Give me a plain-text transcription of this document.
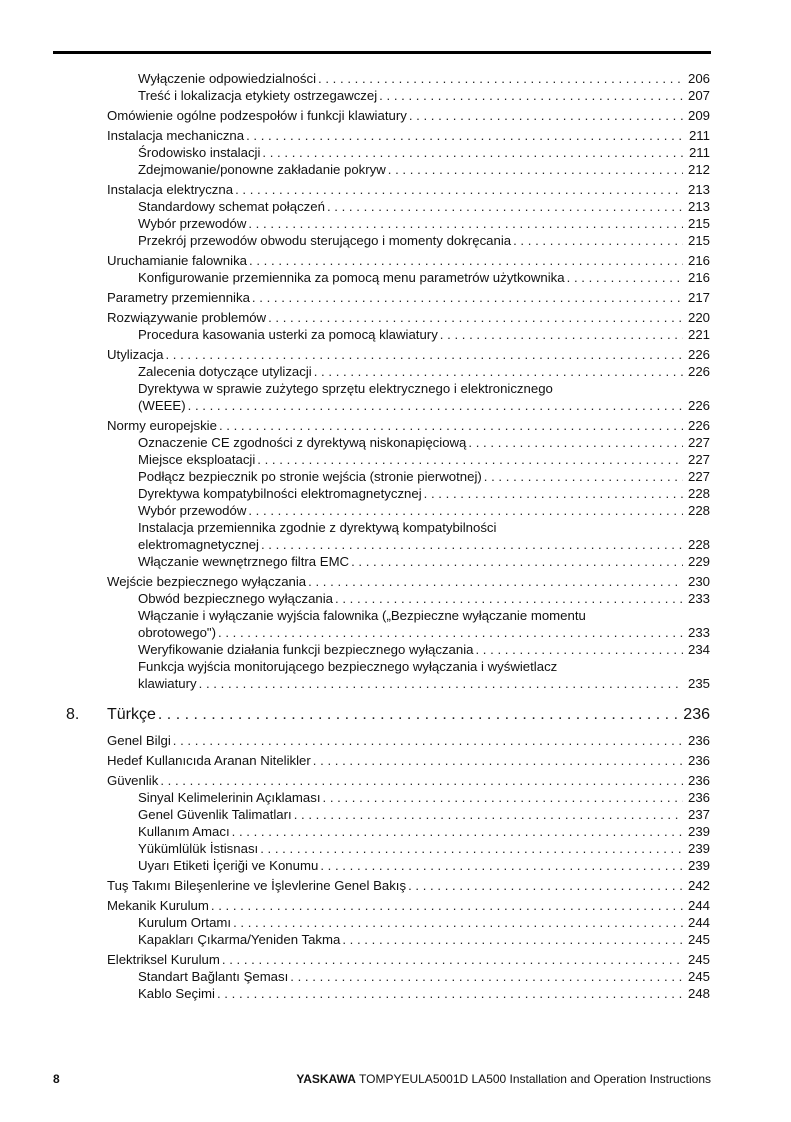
Wyłączenie odpowiedzialności . . .	206
Treść i lokalizacja etykiety ostrzegawczej . . .	207
Omówienie ogólne podzespołów i funkcji klawiatury . . .	209
Instalacja mechaniczna . . .	211
Środowisko instalacji . . .	211
Zdejmowanie/ponowne zakładanie pokryw . . .	212
Instalacja elektryczna . . .	213
Standardowy schemat połączeń . . .	213
Wybór przewodów . . .	215
Przekrój przewodów obwodu sterującego i momenty dokręcania . . .	215
Uruchamianie falownika . . .	216
Konfigurowanie przemiennika za pomocą menu parametrów użytkownika . . .	216
Parametry przemiennika . . .	217
Rozwiązywanie problemów . . .	220
Procedura kasowania usterki za pomocą klawiatury . . .	221
Utylizacja . . .	226
Zalecenia dotyczące utylizacji . . .	226
Dyrektywa w sprawie zużytego sprzętu elektrycznego i elektronicznego
(WEEE) . . .	226
Normy europejskie . . .	226
Oznaczenie CE zgodności z dyrektywą niskonapięciową . . .	227
Miejsce eksploatacji . . .	227
Podłącz bezpiecznik po stronie wejścia (stronie pierwotnej) . . .	227
Dyrektywa kompatybilności elektromagnetycznej . . .	228
Wybór przewodów . . .	228
Instalacja przemiennika zgodnie z dyrektywą kompatybilności
elektromagnetycznej . . .	228
Włączanie wewnętrznego filtra EMC . . .	229
Wejście bezpiecznego wyłączania . . .	230
Obwód bezpiecznego wyłączania . . .	233
Włączanie i wyłączanie wyjścia falownika („Bezpieczne wyłączanie momentu
obrotowego") . . .	233
Weryfikowanie działania funkcji bezpiecznego wyłączania . . .	234
Funkcja wyjścia monitorującego bezpiecznego wyłączania i wyświetlacz
klawiatury . . .	235
8. Türkçe . . .	236
Genel Bilgi . . .	236
Hedef Kullanıcıda Aranan Nitelikler . . .	236
Güvenlik . . .	236
Sinyal Kelimelerinin Açıklaması . . .	236
Genel Güvenlik Talimatları . . .	237
Kullanım Amacı . . .	239
Yükümlülük İstisnası . . .	239
Uyarı Etiketi İçeriği ve Konumu . . .	239
Tuş Takımı Bileşenlerine ve İşlevlerine Genel Bakış . . .	242
Mekanik Kurulum . . .	244
Kurulum Ortamı . . .	244
Kapakları Çıkarma/Yeniden Takma . . .	245
Elektriksel Kurulum . . .	245
Standart Bağlantı Şeması . . .	245
Kablo Seçimi . . .	248
8	YASKAWA TOMPYEULA5001D LA500 Installation and Operation Instructions
